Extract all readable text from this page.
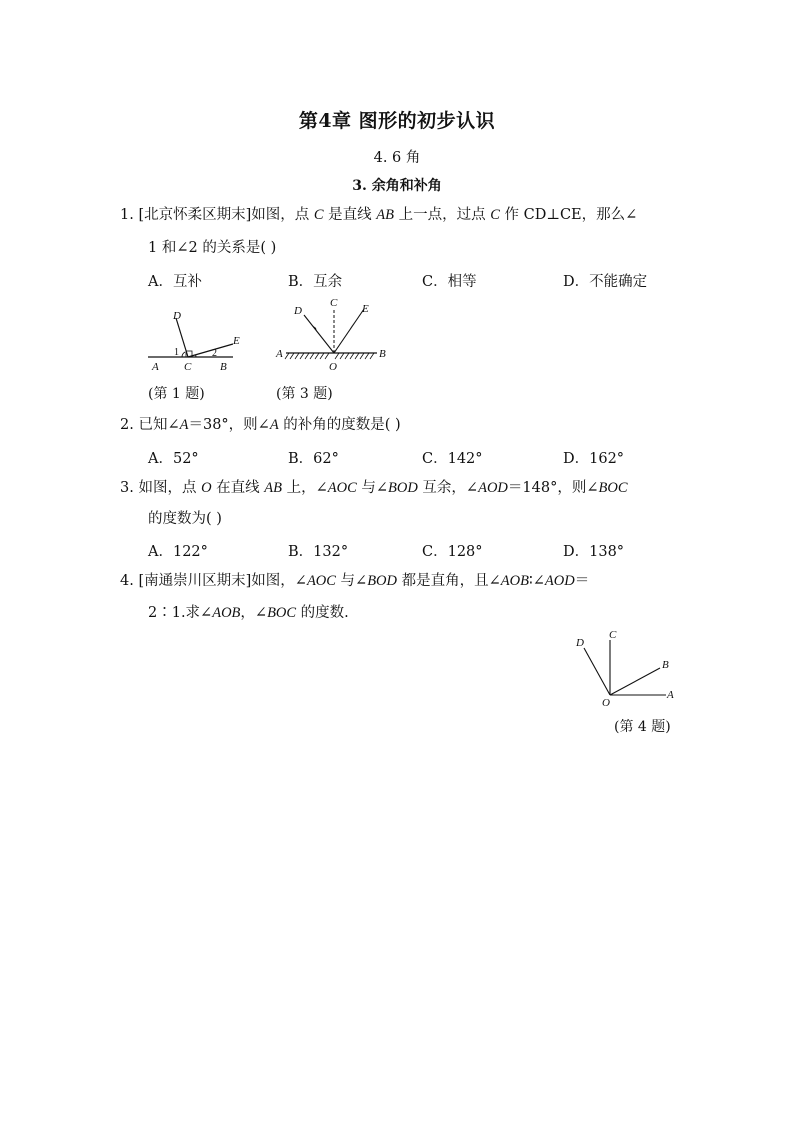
第4章 图形的初步认识
4. 6 角
3. 余角和补角
1. [北京怀柔区期末]如图，点 C 是直线 AB 上一点，过点 C 作 CD⊥CE，那么∠
1 和∠2 的关系是( )
A．互补	B．互余	C．相等	D．不能确定
D
E
A C	B
1	2
(第 1 题)
D
C E
A	B
O
(第 3 题)
2. 已知∠A＝38°，则∠A 的补角的度数是( )
A．52°	B．62°	C．142°	D．162°
3. 如图，点 O 在直线 AB 上，∠AOC 与∠BOD 互余，∠AOD＝148°，则∠BOC
的度数为( )
A．122°	B．132°	C．128°	D．138°
4. [南通崇川区期末]如图，∠AOC 与∠BOD 都是直角，且∠AOB∶∠AOD＝
2∶1.求∠AOB，∠BOC 的度数.
D
C
B
A
O
(第 4 题)
